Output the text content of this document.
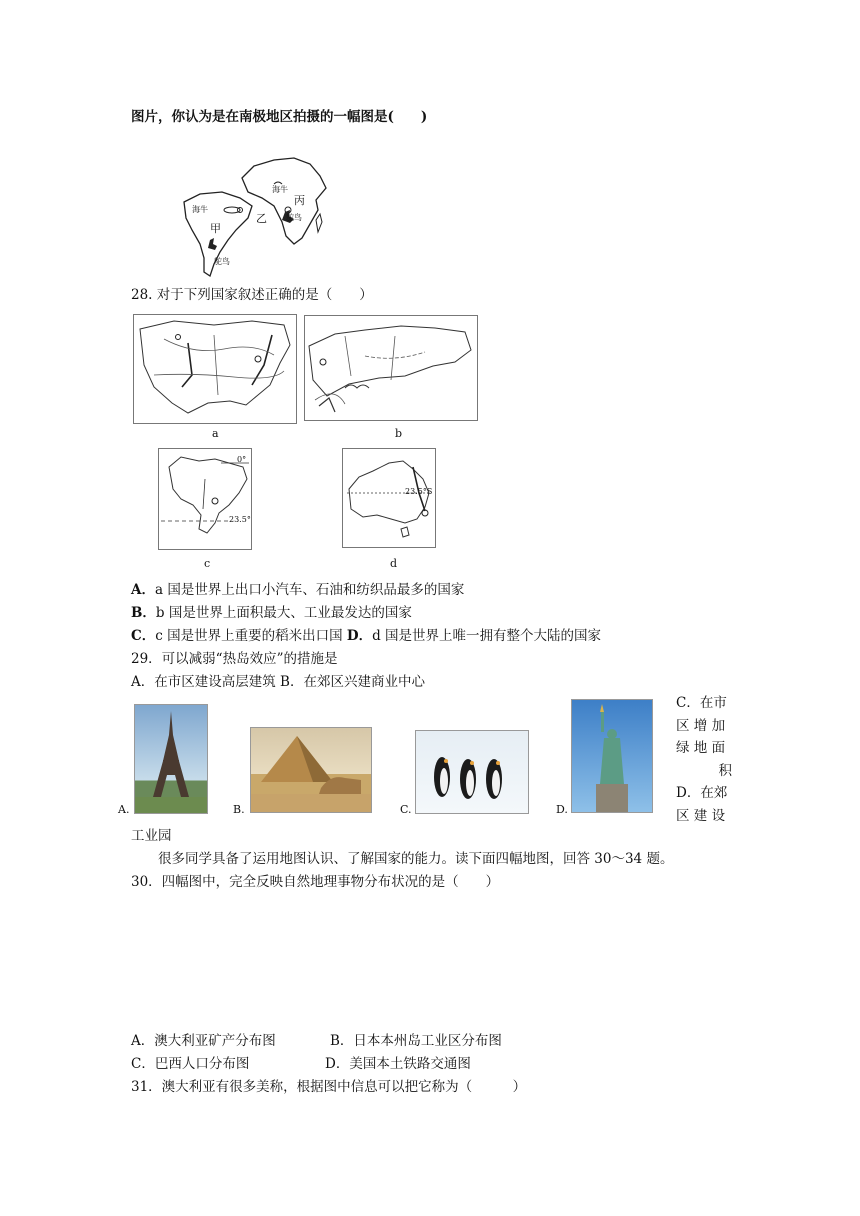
图片，你认为是在南极地区拍摄的一幅图是(　　)
海牛
海牛
甲
乙
丙
鸵鸟
鸵鸟
28. 对于下列国家叙述正确的是（　　）
a	b
0°
23.5°
c
23.5°S
d
A．a 国是世界上出口小汽车、石油和纺织品最多的国家
B．b 国是世界上面积最大、工业最发达的国家
C．c 国是世界上重要的稻米出口国 D．d 国是世界上唯一拥有整个大陆的国家
29．可以减弱“热岛效应”的措施是
A．在市区建设高层建筑 B．在郊区兴建商业中心
A.	B.	C.	D.
C．在市
区 增 加
绿 地 面
积
D．在郊
区 建 设
工业园
很多同学具备了运用地图认识、了解国家的能力。读下面四幅地图，回答 30～34 题。
30．四幅图中，完全反映自然地理事物分布状况的是（　　）
A．澳大利亚矿产分布图	B．日本本州岛工业区分布图
C．巴西人口分布图	D．美国本土铁路交通图
31．澳大利亚有很多美称，根据图中信息可以把它称为（　　　）
